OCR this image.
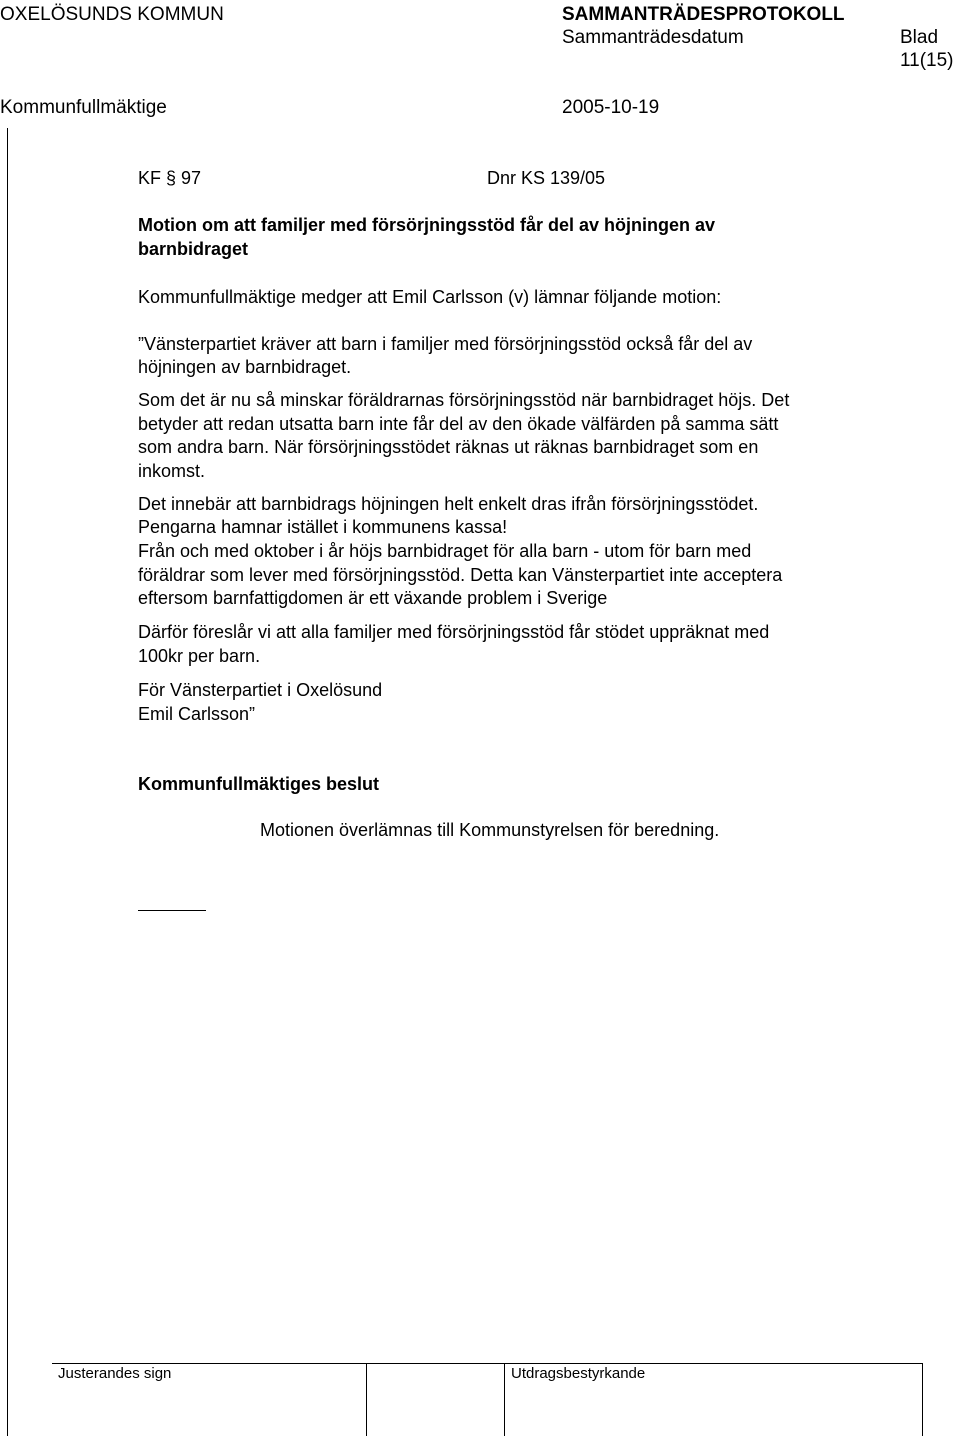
OXELÖSUNDS KOMMUN	SAMMANTRÄDESPROTOKOLL
Sammanträdesdatum	Blad
11(15)
Kommunfullmäktige	2005-10-19
KF § 97	Dnr KS 139/05
Motion om att familjer med försörjningsstöd får del av höjningen av
barnbidraget
Kommunfullmäktige medger att Emil Carlsson (v) lämnar följande motion:
”Vänsterpartiet kräver att barn i familjer med försörjningsstöd också får del av
höjningen av barnbidraget.
Som det är nu så minskar föräldrarnas försörjningsstöd när barnbidraget höjs. Det
betyder att redan utsatta barn inte får del av den ökade välfärden på samma sätt
som andra barn. När försörjningsstödet räknas ut räknas barnbidraget som en
inkomst.
Det innebär att barnbidrags höjningen helt enkelt dras ifrån försörjningsstödet.
Pengarna hamnar istället i kommunens kassa!
Från och med oktober i år höjs barnbidraget för alla barn - utom för barn med
föräldrar som lever med försörjningsstöd. Detta kan Vänsterpartiet inte acceptera
eftersom barnfattigdomen är ett växande problem i Sverige
Därför föreslår vi att alla familjer med försörjningsstöd får stödet uppräknat med
100kr per barn.
För Vänsterpartiet i Oxelösund
Emil Carlsson”
Kommunfullmäktiges beslut
Motionen överlämnas till Kommunstyrelsen för beredning.
Justerandes sign	Utdragsbestyrkande
